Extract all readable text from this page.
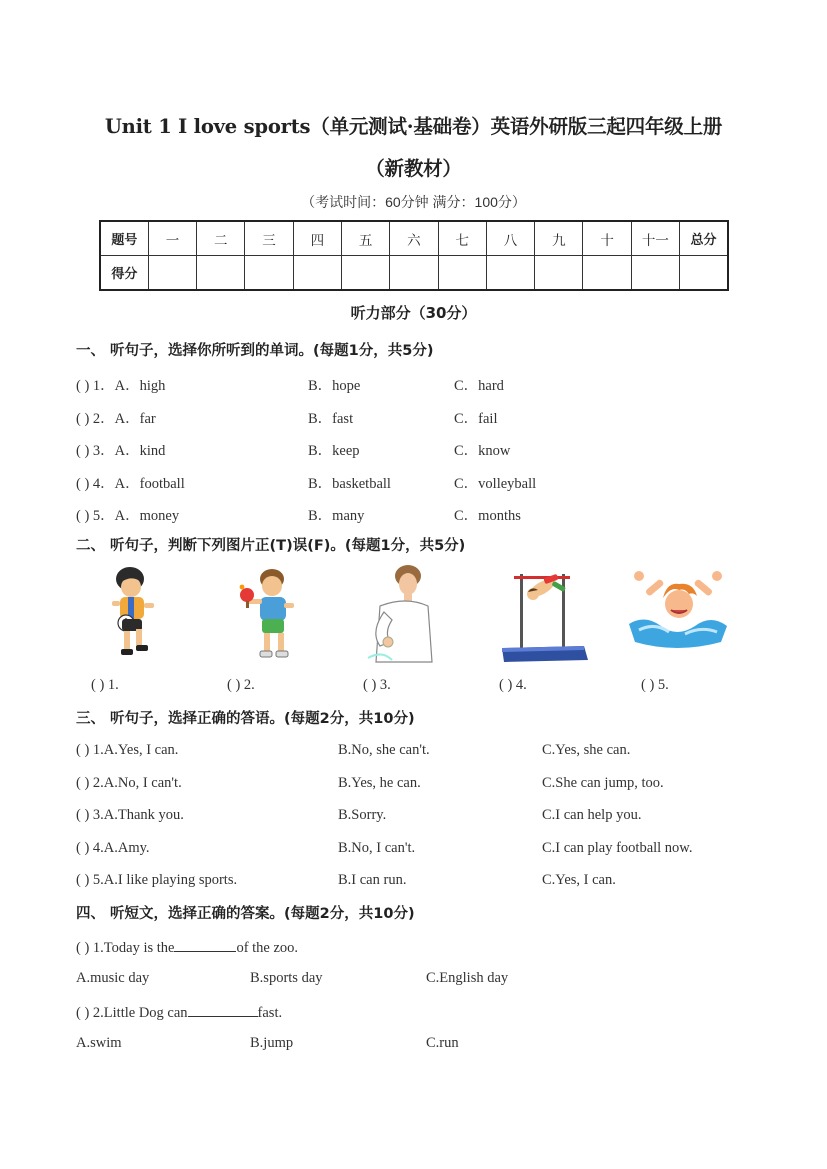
Unit 1 I love sports（单元测试·基础卷）英语外研版三起四年级上册
（新教材）
（考试时间：60分钟 满分：100分）
题号	一	二	三	四	五	六	七	八	九	十	十一	总分
得分												
听力部分（30分）
一、 听句子，选择你所听到的单词。(每题1分，共5分)
( ) 1．A．high	B．hope	C．hard
( ) 2．A．far	B．fast	C．fail
( ) 3．A．kind	B．keep	C．know
( ) 4．A．football	B．basketball	C．volleyball
( ) 5．A．money	B．many	C．months
二、 听句子，判断下列图片正(T)误(F)。(每题1分，共5分)
( ) 1.	( ) 2.	( ) 3.	( ) 4.	( ) 5.
三、 听句子，选择正确的答语。(每题2分，共10分)
( ) 1.A.Yes, I can.	B.No, she can't.	C.Yes, she can.
( ) 2.A.No, I can't.	B.Yes, he can.	C.She can jump, too.
( ) 3.A.Thank you.	B.Sorry.	C.I can help you.
( ) 4.A.Amy.	B.No, I can't.	C.I can play football now.
( ) 5.A.I like playing sports.	B.I can run.	C.Yes, I can.
四、 听短文，选择正确的答案。(每题2分，共10分)
( ) 1.Today is the	of the zoo.
A.music day	B.sports day	C.English day
( ) 2.Little Dog can	fast.
A.swim	B.jump	C.run
